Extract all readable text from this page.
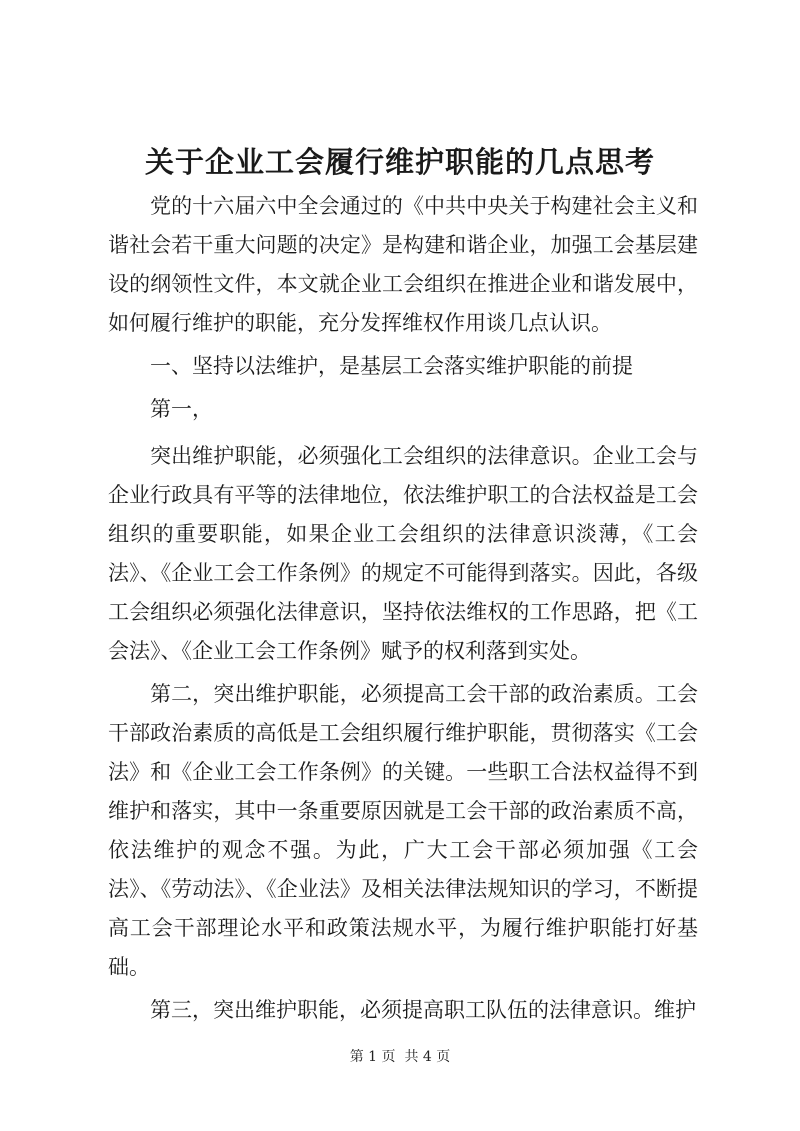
关于企业工会履行维护职能的几点思考

党的十六届六中全会通过的《中共中央关于构建社会主义和谐社会若干重大问题的决定》是构建和谐企业，加强工会基层建设的纲领性文件，本文就企业工会组织在推进企业和谐发展中，如何履行维护的职能，充分发挥维权作用谈几点认识。

一、坚持以法维护，是基层工会落实维护职能的前提

第一，

突出维护职能，必须强化工会组织的法律意识。企业工会与企业行政具有平等的法律地位，依法维护职工的合法权益是工会组织的重要职能，如果企业工会组织的法律意识淡薄，《工会法》、《企业工会工作条例》的规定不可能得到落实。因此，各级工会组织必须强化法律意识，坚持依法维权的工作思路，把《工会法》、《企业工会工作条例》赋予的权利落到实处。

第二，突出维护职能，必须提高工会干部的政治素质。工会干部政治素质的高低是工会组织履行维护职能，贯彻落实《工会法》和《企业工会工作条例》的关键。一些职工合法权益得不到维护和落实，其中一条重要原因就是工会干部的政治素质不高，依法维护的观念不强。为此，广大工会干部必须加强《工会法》、《劳动法》、《企业法》及相关法律法规知识的学习，不断提高工会干部理论水平和政策法规水平，为履行维护职能打好基础。

第三，突出维护职能，必须提高职工队伍的法律意识。维护

第 1 页  共 4 页
